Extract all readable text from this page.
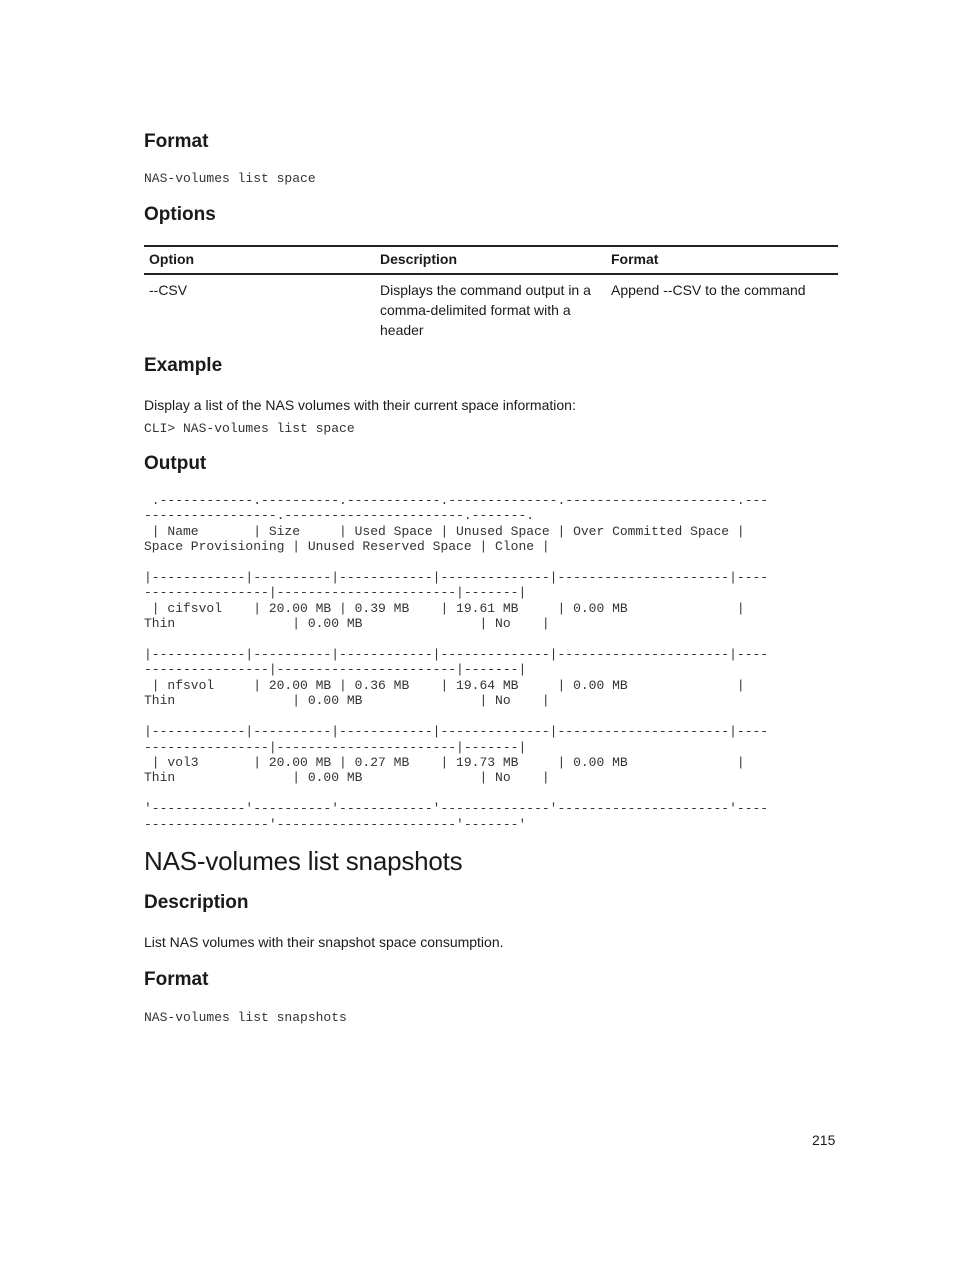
Format
NAS-volumes list space
Options
Option	Description	Format
--CSV	Displays the command output in a comma-delimited format with a header	Append --CSV to the command
Example
Display a list of the NAS volumes with their current space information:
CLI> NAS-volumes list space
Output
.------------.----------.------------.--------------.----------------------.---
-----------------.-----------------------.-------.
| Name       | Size     | Used Space | Unused Space | Over Committed Space |
Space Provisioning | Unused Reserved Space | Clone |

|------------|----------|------------|--------------|----------------------|----
----------------|-----------------------|-------|
| cifsvol    | 20.00 MB | 0.39 MB    | 19.61 MB     | 0.00 MB              |
Thin               | 0.00 MB               | No    |

|------------|----------|------------|--------------|----------------------|----
----------------|-----------------------|-------|
| nfsvol     | 20.00 MB | 0.36 MB    | 19.64 MB     | 0.00 MB              |
Thin               | 0.00 MB               | No    |

|------------|----------|------------|--------------|----------------------|----
----------------|-----------------------|-------|
| vol3       | 20.00 MB | 0.27 MB    | 19.73 MB     | 0.00 MB              |
Thin               | 0.00 MB               | No    |

'------------'----------'------------'--------------'----------------------'----
----------------'-----------------------'-------'
NAS-volumes list snapshots
Description
List NAS volumes with their snapshot space consumption.
Format
NAS-volumes list snapshots
215
